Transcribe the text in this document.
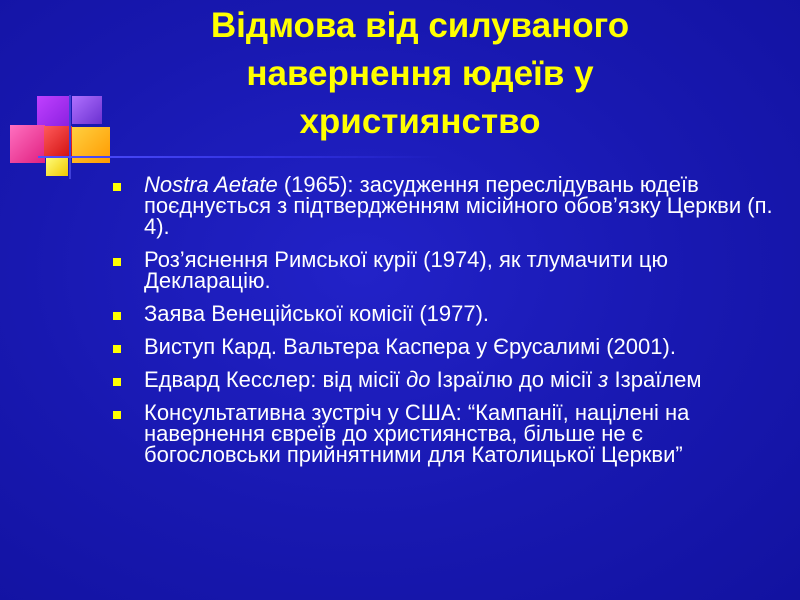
Відмова від силуваного
навернення юдеїв у
християнство
Nostra Aetate (1965): засудження переслідувань юдеїв поєднується з підтвердженням місійного обов’язку Церкви (п. 4).
Роз’яснення Римської курії (1974), як тлумачити цю Декларацію.
Заява Венеційської комісії (1977).
Виступ Кард. Вальтера Каспера у Єрусалимі (2001).
Едвард Кесслер: від місії до Ізраїлю до місії з Ізраїлем
Консультативна зустріч у США: “Кампанії, націлені на навернення євреїв до християнства, більше не є богословськи прийнятними для Католицької Церкви”
